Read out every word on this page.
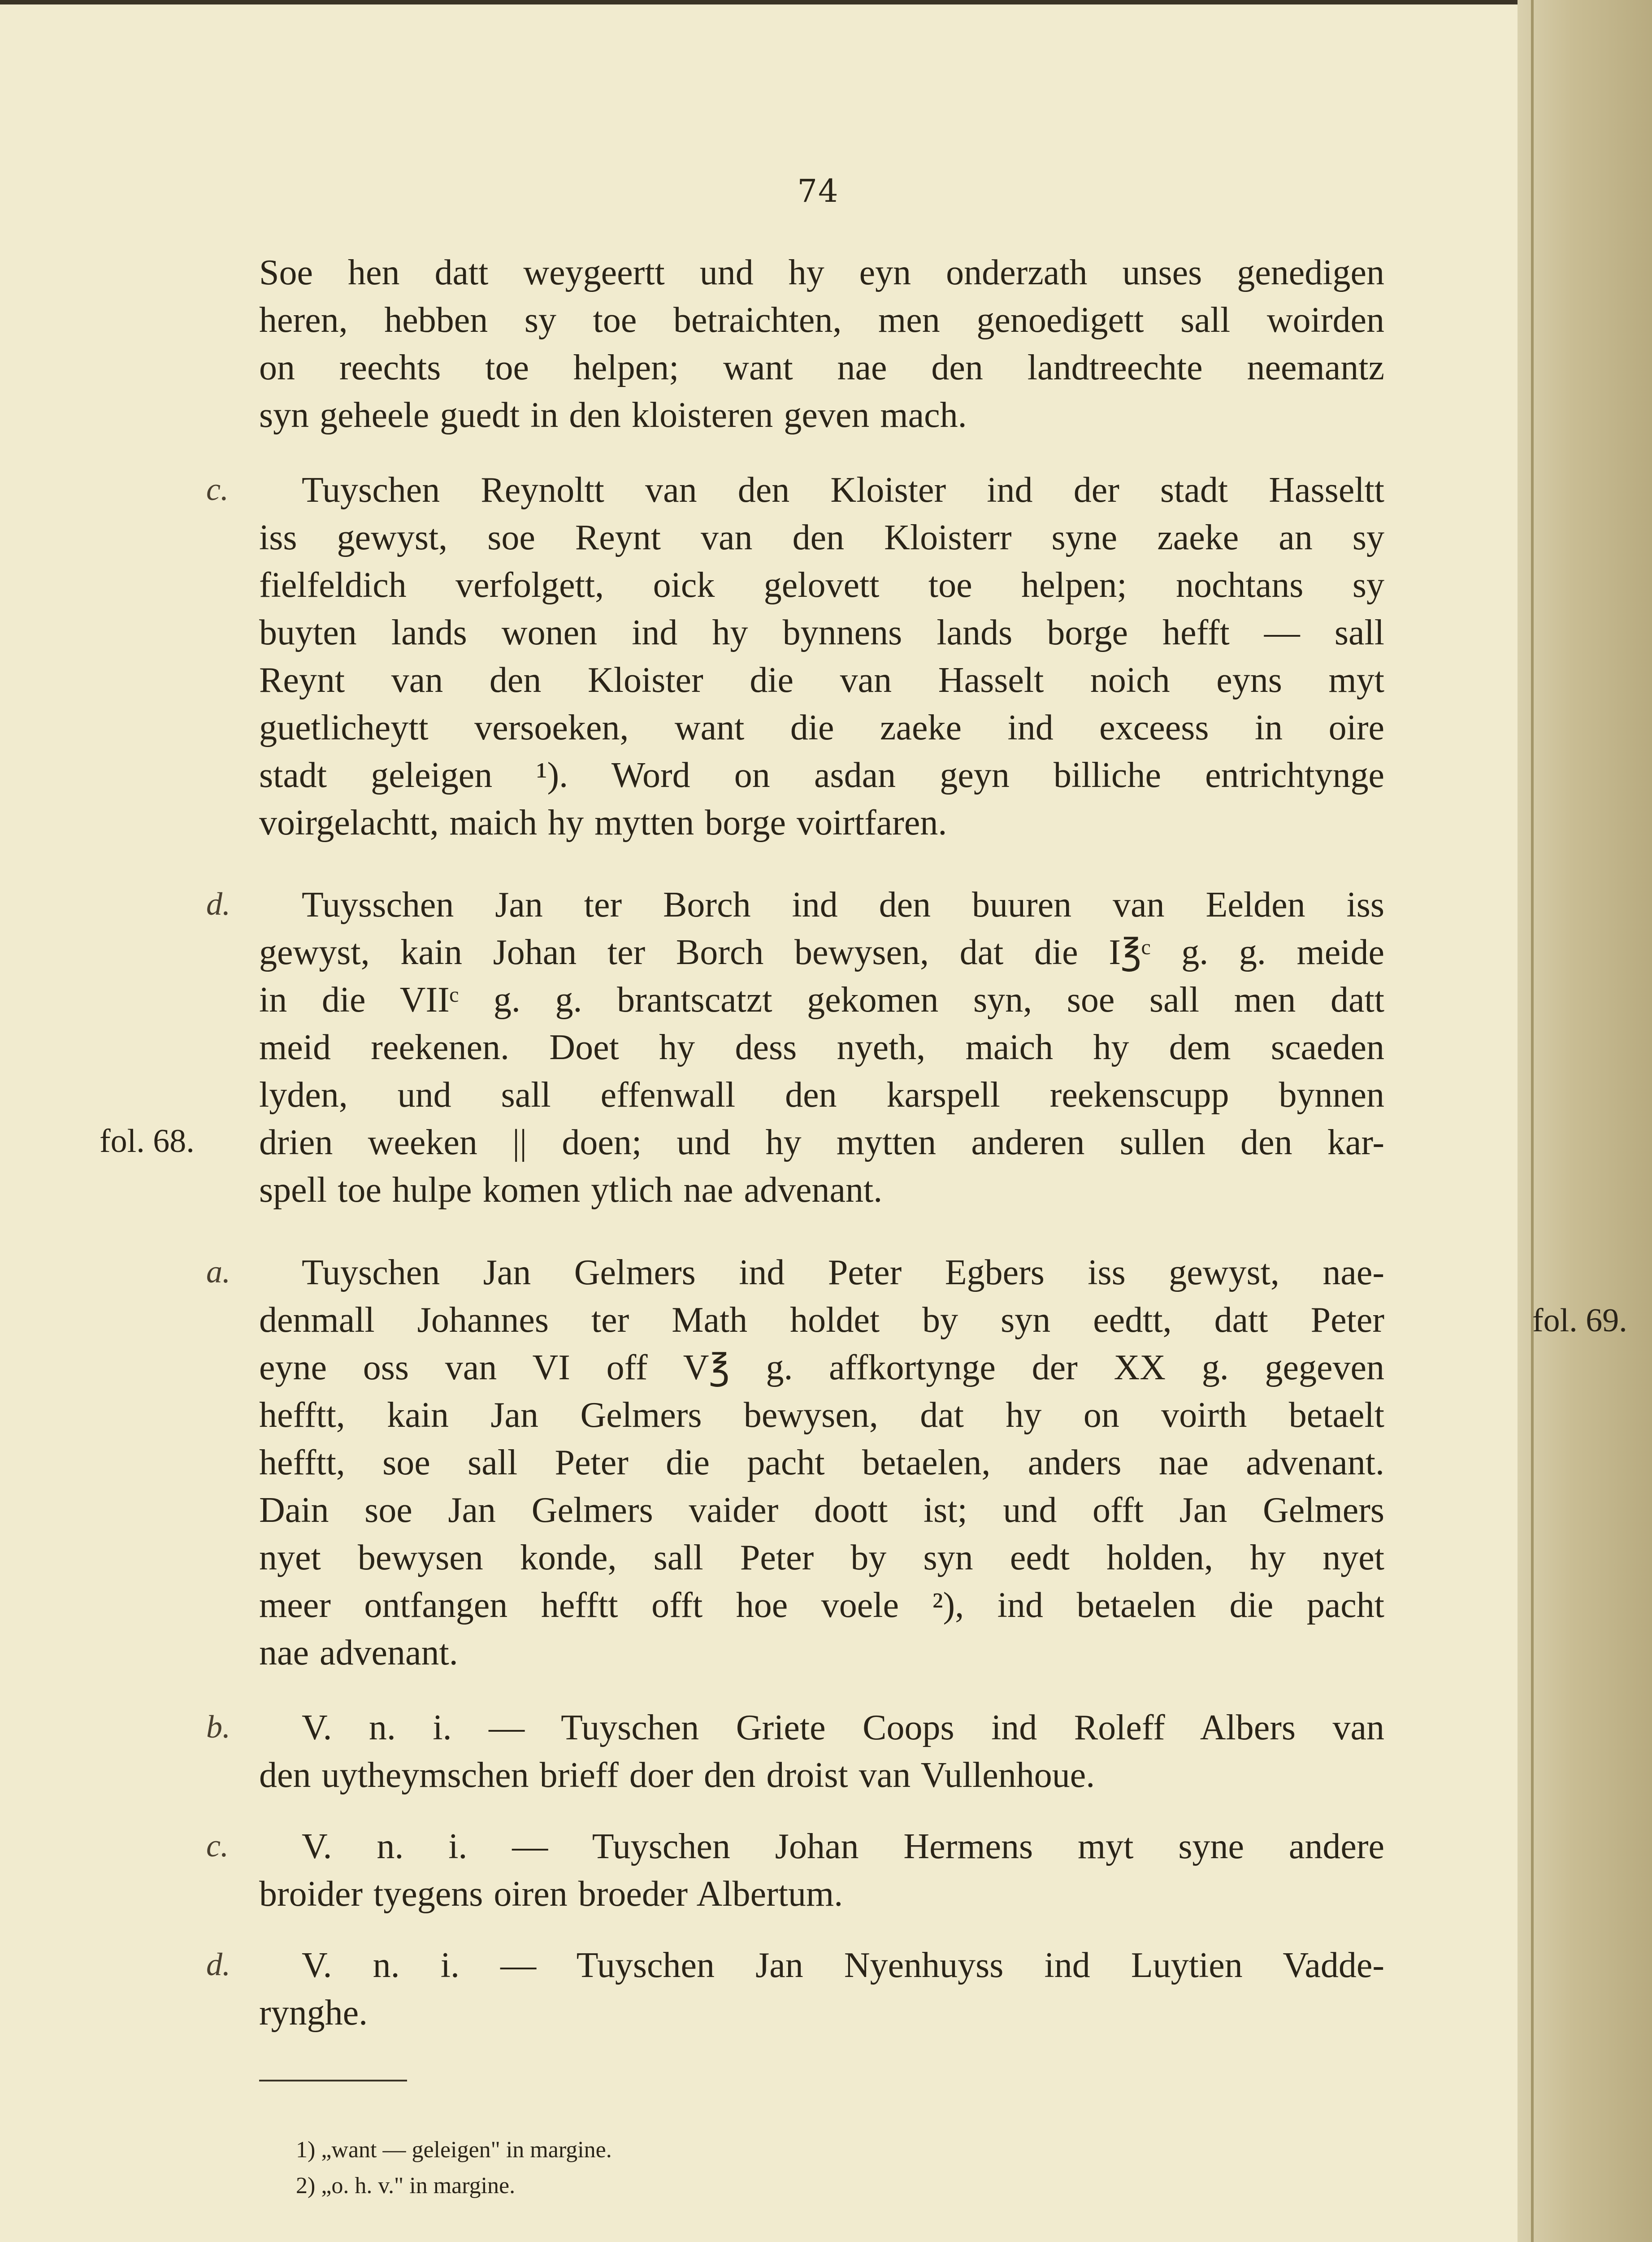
74
Soe hen datt weygeertt und hy eyn onderzath unses genedigen
heren, hebben sy toe betraichten, men genoedigett sall woirden
on reechts toe helpen; want nae den landtreechte neemantz
syn geheele guedt in den kloisteren geven mach.
c.	Tuyschen Reynoltt van den Kloister ind der stadt Hasseltt
iss gewyst, soe Reynt van den Kloisterr syne zaeke an sy
fielfeldich verfolgett, oick gelovett toe helpen; nochtans sy
buyten lands wonen ind hy bynnens lands borge hefft — sall
Reynt van den Kloister die van Hasselt noich eyns myt
guetlicheytt versoeken, want die zaeke ind exceess in oire
stadt geleigen ¹). Word on asdan geyn billiche entrichtynge
voirgelachtt, maich hy mytten borge voirtfaren.
d.	Tuysschen Jan ter Borch ind den buuren van Eelden iss
gewyst, kain Johan ter Borch bewysen, dat die I℥ᶜ g. g. meide
in die VIIᶜ g. g. brantscatzt gekomen syn, soe sall men datt
meid reekenen. Doet hy dess nyeth, maich hy dem scaeden
lyden, und sall effenwall den karspell reekenscupp bynnen
drien weeken || doen; und hy mytten anderen sullen den kar-
spell toe hulpe komen ytlich nae advenant.
fol. 68.
a.	Tuyschen Jan Gelmers ind Peter Egbers iss gewyst, nae-
denmall Johannes ter Math holdet by syn eedtt, datt Peter
eyne oss van VI off V℥ g. affkortynge der XX g. gegeven
hefftt, kain Jan Gelmers bewysen, dat hy on voirth betaelt
hefftt, soe sall Peter die pacht betaelen, anders nae advenant.
Dain soe Jan Gelmers vaider doott ist; und offt Jan Gelmers
nyet bewysen konde, sall Peter by syn eedt holden, hy nyet
meer ontfangen hefftt offt hoe voele ²), ind betaelen die pacht
nae advenant.
fol. 69.
b.	V. n. i. — Tuyschen Griete Coops ind Roleff Albers van
den uytheymschen brieff doer den droist van Vullenhoue.
c.	V. n. i. — Tuyschen Johan Hermens myt syne andere
broider tyegens oiren broeder Albertum.
d.	V. n. i. — Tuyschen Jan Nyenhuyss ind Luytien Vadde-
rynghe.
1) „want — geleigen" in margine.
2) „o. h. v." in margine.
